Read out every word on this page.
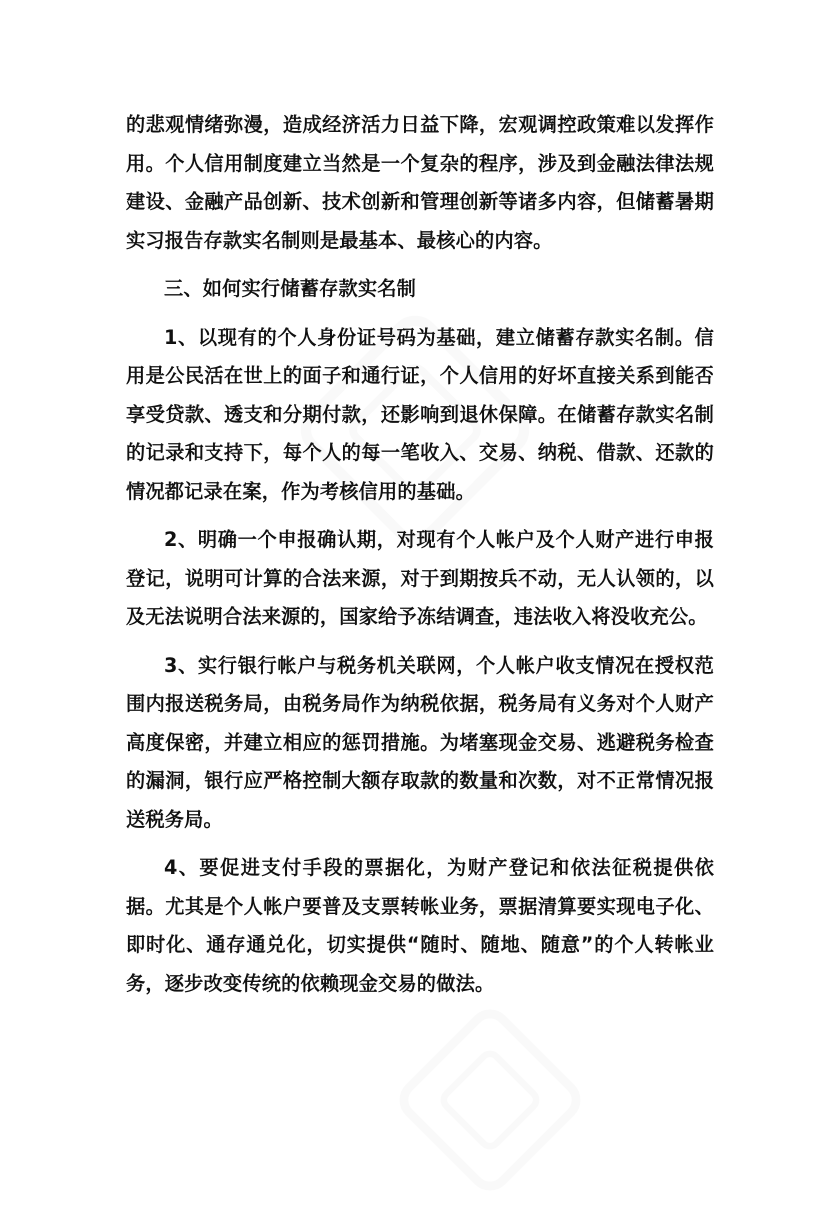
的悲观情绪弥漫，造成经济活力日益下降，宏观调控政策难以发挥作用。个人信用制度建立当然是一个复杂的程序，涉及到金融法律法规建设、金融产品创新、技术创新和管理创新等诸多内容，但储蓄暑期实习报告存款实名制则是最基本、最核心的内容。

三、如何实行储蓄存款实名制

1、以现有的个人身份证号码为基础，建立储蓄存款实名制。信用是公民活在世上的面子和通行证，个人信用的好坏直接关系到能否享受贷款、透支和分期付款，还影响到退休保障。在储蓄存款实名制的记录和支持下，每个人的每一笔收入、交易、纳税、借款、还款的情况都记录在案，作为考核信用的基础。

2、明确一个申报确认期，对现有个人帐户及个人财产进行申报登记，说明可计算的合法来源，对于到期按兵不动，无人认领的，以及无法说明合法来源的，国家给予冻结调查，违法收入将没收充公。

3、实行银行帐户与税务机关联网，个人帐户收支情况在授权范围内报送税务局，由税务局作为纳税依据，税务局有义务对个人财产高度保密，并建立相应的惩罚措施。为堵塞现金交易、逃避税务检查的漏洞，银行应严格控制大额存取款的数量和次数，对不正常情况报送税务局。

4、要促进支付手段的票据化，为财产登记和依法征税提供依据。尤其是个人帐户要普及支票转帐业务，票据清算要实现电子化、即时化、通存通兑化，切实提供“随时、随地、随意”的个人转帐业务，逐步改变传统的依赖现金交易的做法。
